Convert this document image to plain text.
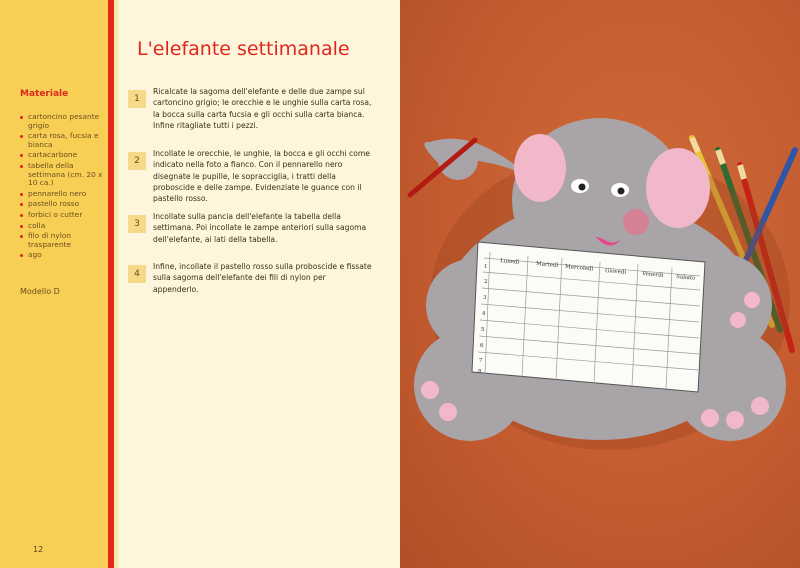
Materiale
cartoncino pesante grigio
carta rosa, fucsia e bianca
cartacarbone
tabella della settimana (cm. 20 x 10 ca.)
pennarello nero
pastello rosso
forbici o cutter
colla
filo di nylon trasparente
ago
Modello D
12
L'elefante settimanale
1
Ricalcate la sagoma dell'elefante e delle due zampe sul cartoncino grigio; le orecchie e le unghie sulla carta rosa, la bocca sulla carta fucsia e gli occhi sulla carta bianca. Infine ritagliate tutti i pezzi.
2
Incollate le orecchie, le unghie, la bocca e gli occhi come indicato nella foto a fianco. Con il pennarello nero disegnate le pupille, le sopracciglia, i tratti della proboscide e delle zampe. Evidenziate le guance con il pastello rosso.
3
Incollate sulla pancia dell'elefante la tabella della settimana. Poi incollate le zampe anteriori sulla sagoma dell'elefante, ai lati della tabella.
4
Infine, incollate il pastello rosso sulla proboscide e fissate sulla sagoma dell'elefante dei fili di nylon per appenderlo.
Lunedì	Martedì Mercoledì Giovedì	Venerdì Sabato
1
2
3
4
5
6
7
8
